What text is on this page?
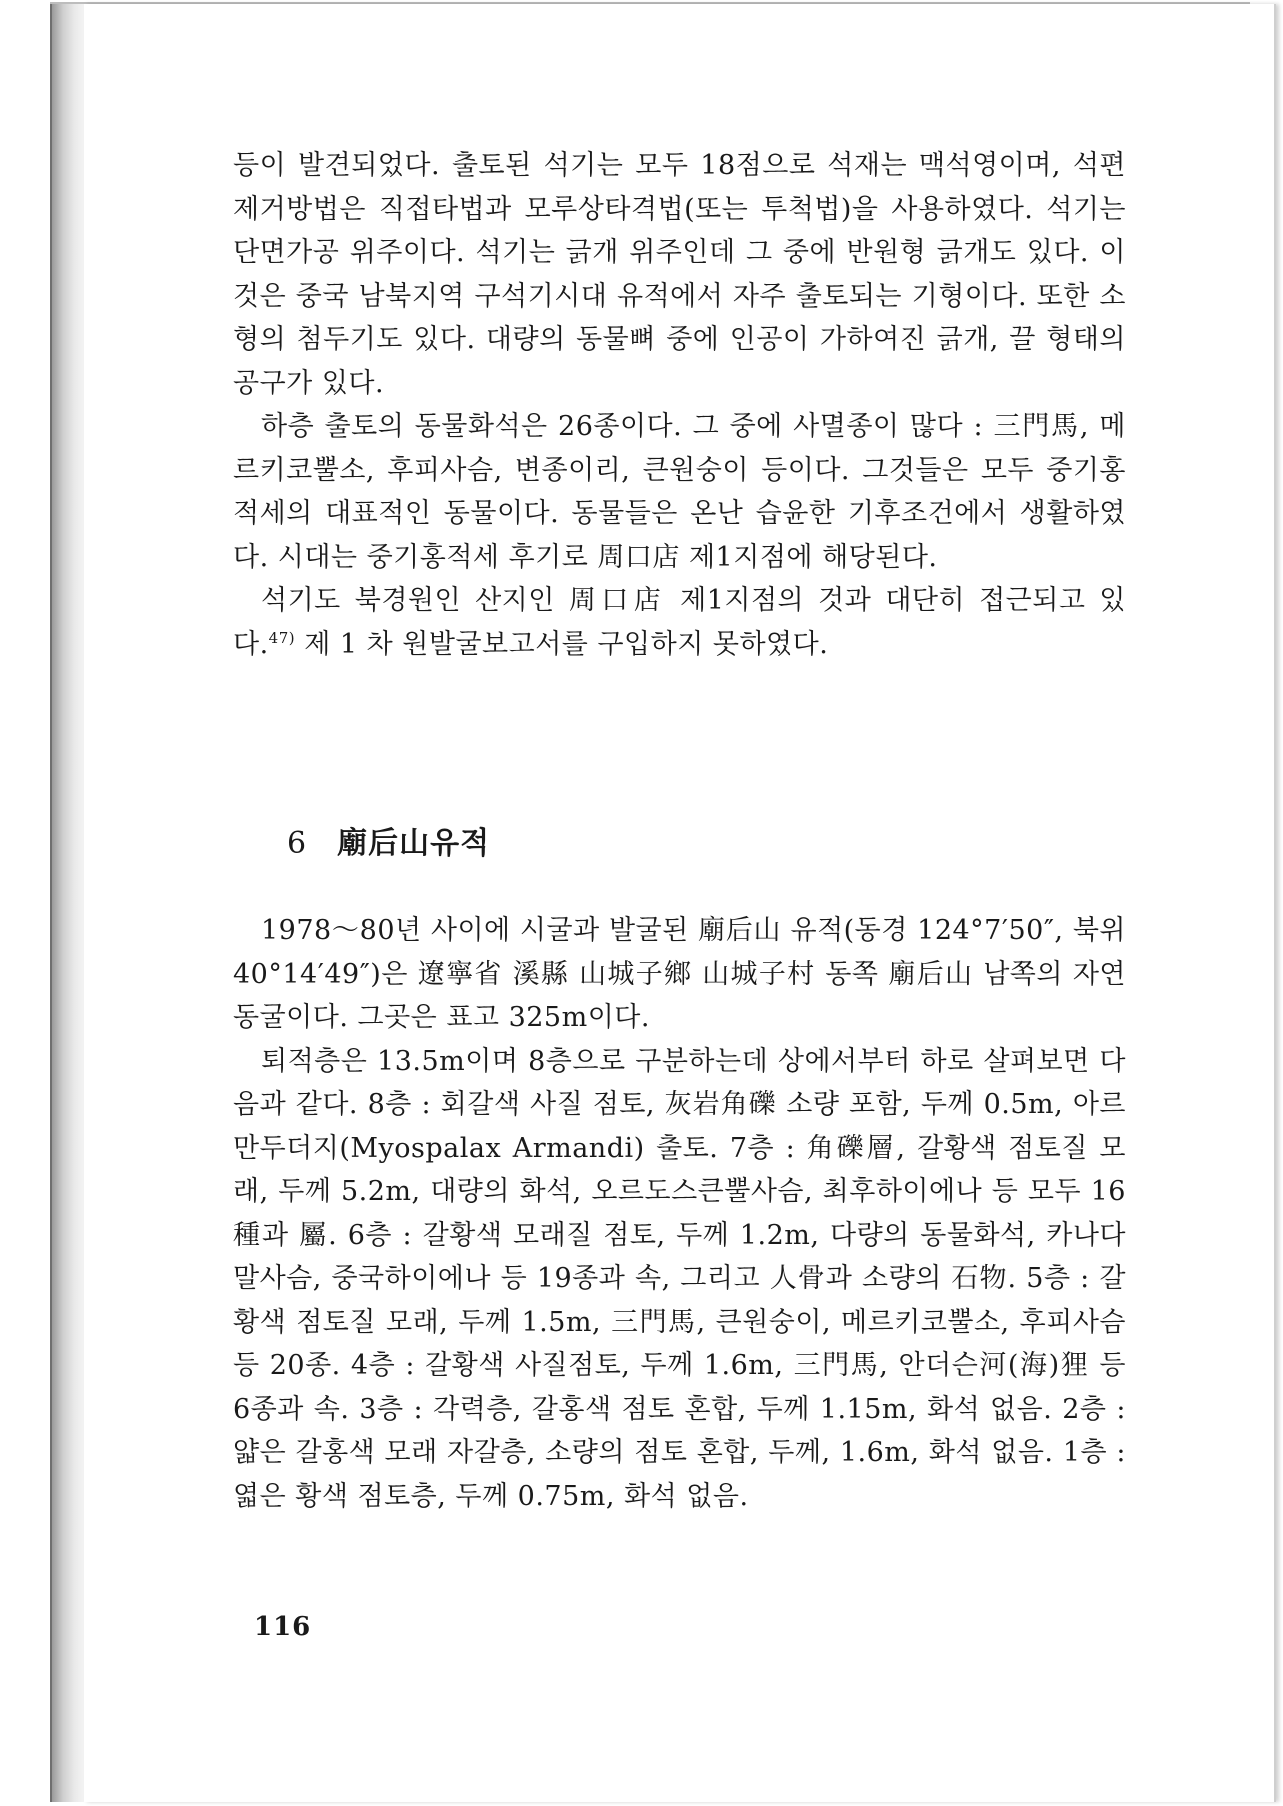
등이 발견되었다. 출토된 석기는 모두 18점으로 석재는 맥석영이며, 석편 제거방법은 직접타법과 모루상타격법(또는 투척법)을 사용하였다. 석기는 단면가공 위주이다. 석기는 긁개 위주인데 그 중에 반원형 긁개도 있다. 이것은 중국 남북지역 구석기시대 유적에서 자주 출토되는 기형이다. 또한 소형의 첨두기도 있다. 대량의 동물뼈 중에 인공이 가하여진 긁개, 끌 형태의 공구가 있다.

하층 출토의 동물화석은 26종이다. 그 중에 사멸종이 많다 : 三門馬, 메르키코뿔소, 후피사슴, 변종이리, 큰원숭이 등이다. 그것들은 모두 중기홍적세의 대표적인 동물이다. 동물들은 온난 습윤한 기후조건에서 생활하였다. 시대는 중기홍적세 후기로 周口店 제1지점에 해당된다.

석기도 북경원인 산지인 周口店 제1지점의 것과 대단히 접근되고 있다.$^{47)}$ 제 1 차 원발굴보고서를 구입하지 못하였다.

6 廟后山유적

1978～80년 사이에 시굴과 발굴된 廟后山 유적(동경 124°7′50″, 북위 40°14′49″)은 遼寧省 溪縣 山城子鄉 山城子村 동쪽 廟后山 남쪽의 자연동굴이다. 그곳은 표고 325m이다.

퇴적층은 13.5m이며 8층으로 구분하는데 상에서부터 하로 살펴보면 다음과 같다. 8층 : 회갈색 사질 점토, 灰岩角礫 소량 포함, 두께 0.5m, 아르만두더지(Myospalax Armandi) 출토. 7층 : 角礫層, 갈황색 점토질 모래, 두께 5.2m, 대량의 화석, 오르도스큰뿔사슴, 최후하이에나 등 모두 16種과 屬. 6층 : 갈황색 모래질 점토, 두께 1.2m, 다량의 동물화석, 카나다말사슴, 중국하이에나 등 19종과 속, 그리고 人骨과 소량의 石物. 5층 : 갈황색 점토질 모래, 두께 1.5m, 三門馬, 큰원숭이, 메르키코뿔소, 후피사슴 등 20종. 4층 : 갈황색 사질점토, 두께 1.6m, 三門馬, 안더슨河(海)狸 등 6종과 속. 3층 : 각력층, 갈홍색 점토 혼합, 두께 1.15m, 화석 없음. 2층 : 얇은 갈홍색 모래 자갈층, 소량의 점토 혼합, 두께, 1.6m, 화석 없음. 1층 : 엷은 황색 점토층, 두께 0.75m, 화석 없음.

116
